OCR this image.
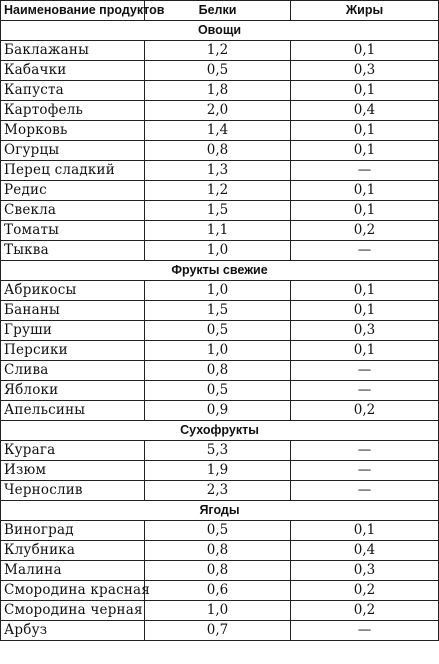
Наименование продуктов	Белки	Жиры
Овощи		
Баклажаны	1,2	0,1
Кабачки	0,5	0,3
Капуста	1,8	0,1
Картофель	2,0	0,4
Морковь	1,4	0,1
Огурцы	0,8	0,1
Перец сладкий	1,3	—
Редис	1,2	0,1
Свекла	1,5	0,1
Томаты	1,1	0,2
Тыква	1,0	—
Фрукты свежие		
Абрикосы	1,0	0,1
Бананы	1,5	0,1
Груши	0,5	0,3
Персики	1,0	0,1
Слива	0,8	—
Яблоки	0,5	—
Апельсины	0,9	0,2
Сухофрукты		
Курага	5,3	—
Изюм	1,9	—
Чернослив	2,3	—
Ягоды		
Виноград	0,5	0,1
Клубника	0,8	0,4
Малина	0,8	0,3
Смородина красная	0,6	0,2
Смородина черная	1,0	0,2
Арбуз	0,7	—
